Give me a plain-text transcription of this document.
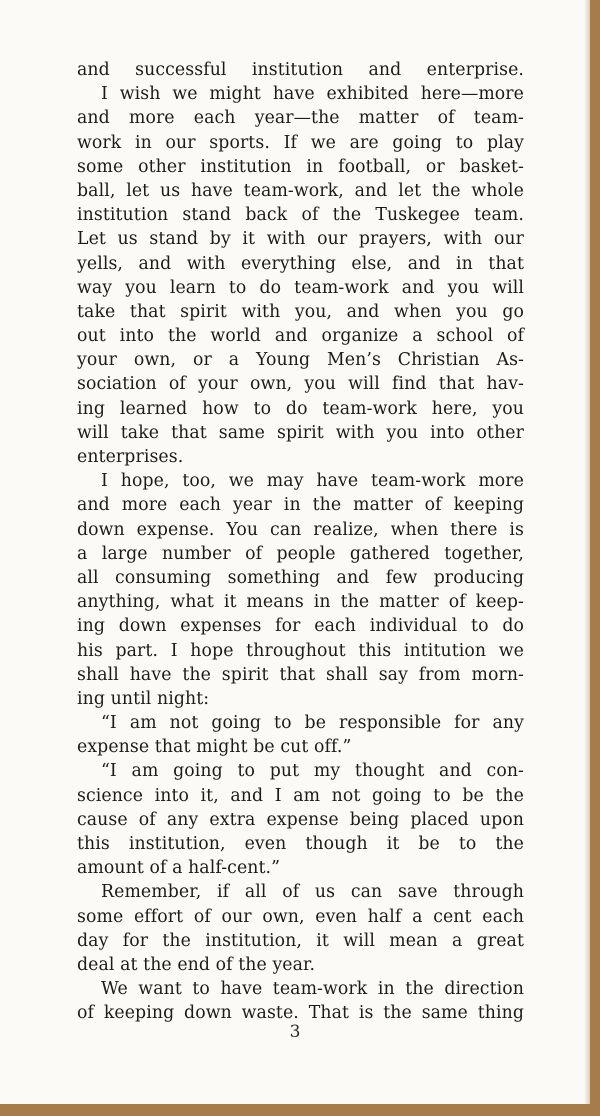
and successful institution and enterprise.
I wish we might have exhibited here—more
and more each year—the matter of team-
work in our sports. If we are going to play
some other institution in football, or basket-
ball, let us have team-work, and let the whole
institution stand back of the Tuskegee team.
Let us stand by it with our prayers, with our
yells, and with everything else, and in that
way you learn to do team-work and you will
take that spirit with you, and when you go
out into the world and organize a school of
your own, or a Young Men’s Christian As-
sociation of your own, you will find that hav-
ing learned how to do team-work here, you
will take that same spirit with you into other
enterprises.
I hope, too, we may have team-work more
and more each year in the matter of keeping
down expense. You can realize, when there is
a large number of people gathered together,
all consuming something and few producing
anything, what it means in the matter of keep-
ing down expenses for each individual to do
his part. I hope throughout this intitution we
shall have the spirit that shall say from morn-
ing until night:
“I am not going to be responsible for any
expense that might be cut off.”
“I am going to put my thought and con-
science into it, and I am not going to be the
cause of any extra expense being placed upon
this institution, even though it be to the
amount of a half-cent.”
Remember, if all of us can save through
some effort of our own, even half a cent each
day for the institution, it will mean a great
deal at the end of the year.
We want to have team-work in the direction
of keeping down waste. That is the same thing
3
